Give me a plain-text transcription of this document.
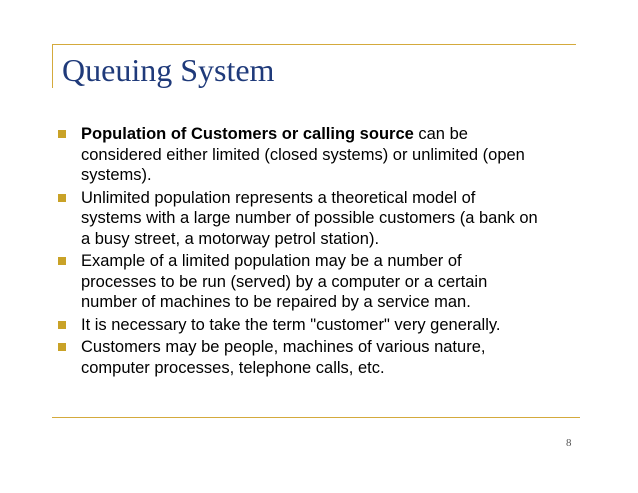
Queuing System
Population of Customers or calling source can be considered either limited (closed systems) or unlimited (open systems).
Unlimited population represents a theoretical model of systems with a large number of possible customers (a bank on a busy street, a motorway petrol station).
Example of a limited population may be a number of processes to be run (served) by a computer or a certain number of machines to be repaired by a service man.
It is necessary to take the term "customer" very generally.
Customers may be people, machines of various nature, computer processes, telephone calls, etc.
8
